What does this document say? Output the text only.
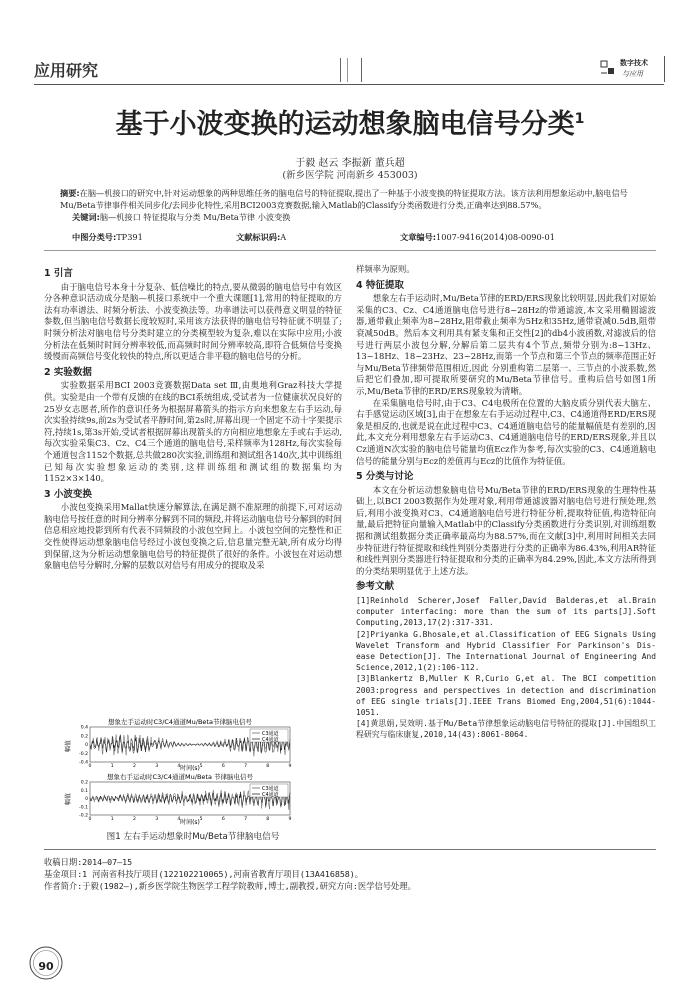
应用研究	数字技术
与应用
基于小波变换的运动想象脑电信号分类$^1$
于毅 赵云 李振新 董兵超
(新乡医学院 河南新乡 453003)
摘要:在脑—机接口的研究中,针对运动想象的两种思维任务的脑电信号的特征提取,提出了一种基于小波变换的特征提取方法。该方法利用想象运动中,脑电信号Mu/Beta节律事件相关同步化/去同步化特性,采用BCI2003竞赛数据,输入Matlab的Classify分类函数进行分类,正确率达到88.57%。
关键词:脑—机接口 特征提取与分类 Mu/Beta节律 小波变换
中图分类号:TP391	文献标识码:A	文章编号:1007-9416(2014)08-0090-01
1 引言

由于脑电信号本身十分复杂、低信噪比的特点,要从微弱的脑电信号中有效区分各种意识活动成分是脑—机接口系统中一个重大课题[1],常用的特征提取的方法有功率谱法、时频分析法、小波变换法等。功率谱法可以获得意义明显的特征参数,但当脑电信号数据长度较短时,采用该方法获得的脑电信号特征就不明显了;时频分析法对脑电信号分类时建立的分类模型较为复杂,难以在实际中应用;小波分析法在低频时时间分辨率较低,而高频时时间分辨率较高,即符合低频信号变换缓慢而高频信号变化较快的特点,所以更适合非平稳的脑电信号的分析。

2 实验数据

实验数据采用BCI 2003竞赛数据Data set Ⅲ,由奥地利Graz科技大学提供。实验是由一个带有反馈的在线的BCI系统组成,受试者为一位健康状况良好的25岁女志愿者,所作的意识任务为根据屏幕箭头的指示方向来想象左右手运动,每次实验持续9s,前2s为受试者平静时间,第2s时,屏幕出现一个固定不动十字架提示符,持续1s,第3s开始,受试者根据屏幕出现箭头的方向相应地想象左手或右手运动,每次实验采集C3、Cz、C4三个通道的脑电信号,采样频率为128Hz,每次实验每个通道包含1152个数据,总共做280次实验,训练组和测试组各140次,其中训练组已知每次实验想象运动的类别,这样训练组和测试组的数据集均为1152×3×140。

3 小波变换

小波包变换采用Mallat快速分解算法,在满足测不准原理的前提下,可对运动脑电信号按任意的时间分辨率分解到不同的频段,并将运动脑电信号分解到的时间信息相应地投影到所有代表不同频段的小波包空间上。小波包空间的完整性和正交性使得运动想象脑电信号经过小波包变换之后,信息量完整无缺,所有成分均得到保留,这为分析运动想象脑电信号的特征提供了很好的条件。小波包在对运动想象脑电信号分解时,分解的层数以对信号有用成分的提取及采

想象左手运动时C3/C4通道Mu/Beta节律脑电信号
0.4
0.2
0
-0.2
-0.4
0	1	2	3	4	5	6	7	8	9
C3通道
C4通道
时间(s)
幅值
想象右手运动时C3/C4通道Mu/Beta 节律脑电信号
0.2
0.1
0
-0.1
-0.2
0	1	2	3	4	5	6	7	8	9
C3通道
C4通道
时间(s)
幅值
图1 左右手运动想象时Mu/Beta节律脑电信号

样频率为原则。

4 特征提取

想象左右手运动时,Mu/Beta节律的ERD/ERS现象比较明显,因此我们对原始采集的C3、Cz、C4通道脑电信号进行8~28Hz的带通滤波,本文采用椭圆滤波器,通带截止频率为8~28Hz,阻带截止频率为5Hz和35Hz,通带衰减0.5dB,阻带衰减50dB。然后本文利用具有紧支集和正交性[2]的db4小波函数,对滤波后的信号进行两层小波包分解,分解后第二层共有4个节点,频带分别为:8~13Hz、13~18Hz、18~23Hz、23~28Hz,而第一个节点和第三个节点的频率范围正好与Mu/Beta节律频带范围相近,因此 分别重构第二层第一、三节点的小波系数,然后把它们叠加,即可提取所要研究的Mu/Beta节律信号。重构后信号如图1所示,Mu/Beta节律的ERD/ERS现象较为清晰。

在采集脑电信号时,由于C3、C4电极所在位置的大脑皮质分别代表大脑左、右手感觉运动区域[3],由于在想象左右手运动过程中,C3、C4通道得ERD/ERS现象是相反的,也就是说在此过程中C3、C4通道脑电信号的能量幅值是有差别的,因此,本文充分利用想象左右手运动C3、C4通道脑电信号的ERD/ERS现象,并且以Cz通道N次实验的脑电信号能量均值Ecz作为参考,每次实验的C3、C4通道脑电信号的能量分别与Ecz的差值再与Ecz的比值作为特征值。

5 分类与讨论

本文在分析运动想象脑电信号Mu/Beta节律的ERD/ERS现象的生理特性基础上,以BCI 2003数据作为处理对象,利用带通滤波器对脑电信号进行预处理,然后,利用小波变换对C3、C4通道脑电信号进行特征分析,提取特征值,构造特征向量,最后把特征向量输入Matlab中的Classify分类函数进行分类识别,对训练组数据和测试组数据分类正确率最高均为88.57%,而在文献[3]中,利用时间相关去同步特征进行特征提取和线性判别分类器进行分类的正确率为86.43%,利用AR特征和线性判别分类器进行特征提取和分类的正确率为84.29%,因此,本文方法所得到的分类结果明显优于上述方法。

参考文献
[1]Reinhold Scherer,Josef Faller,David Balderas,et al.Brain computer interfacing: more than the sum of its parts[J].Soft Computing,2013,17(2):317-331.
[2]Priyanka G.Bhosale,et al.Classification of EEG Signals Using Wavelet Transform and Hybrid Classifier For Parkinson's Dis-ease Detection[J]. The International Journal of Engineering And Science,2012,1(2):106-112.
[3]Blankertz B,Muller K R,Curio G,et al. The BCI competition 2003:progress and perspectives in detection and discrimination of EEG single trials[J].IEEE Trans Biomed Eng,2004,51(6):1044-1051.
[4]黄思娟,吴效明.基于Mu/Beta节律想象运动脑电信号特征的提取[J].中国组织工程研究与临床康复,2010,14(43):8061-8064.
收稿日期:2014—07—15
基金项目:1 河南省科技厅项目(122102210065),河南省教育厅项目(13A416858)。
作者简介:于毅(1982—),新乡医学院生物医学工程学院教师,博士,副教授,研究方向:医学信号处理。
90
